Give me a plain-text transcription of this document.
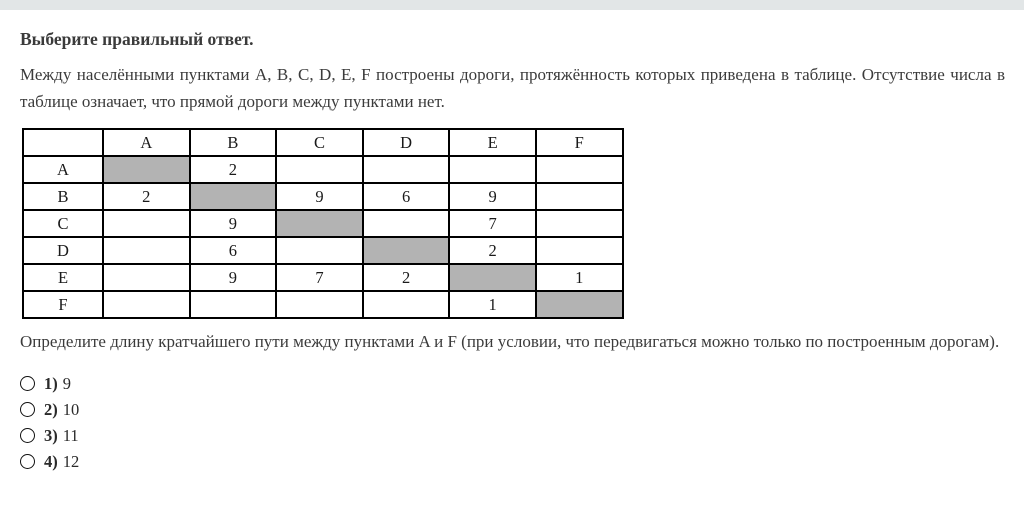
Выберите правильный ответ.

Между населёнными пунктами A, B, C, D, E, F построены дороги, протяжённость которых приведена в таблице. Отсутствие числа в таблице означает, что прямой дороги между пунктами нет.

	A	B	C	D	E	F
A		2				
B	2		9	6	9	
C		9			7	
D		6			2	
E		9	7	2		1
F					1	

Определите длину кратчайшего пути между пунктами A и F (при условии, что передвигаться можно только по построенным дорогам).

1) 9
2) 10
3) 11
4) 12
